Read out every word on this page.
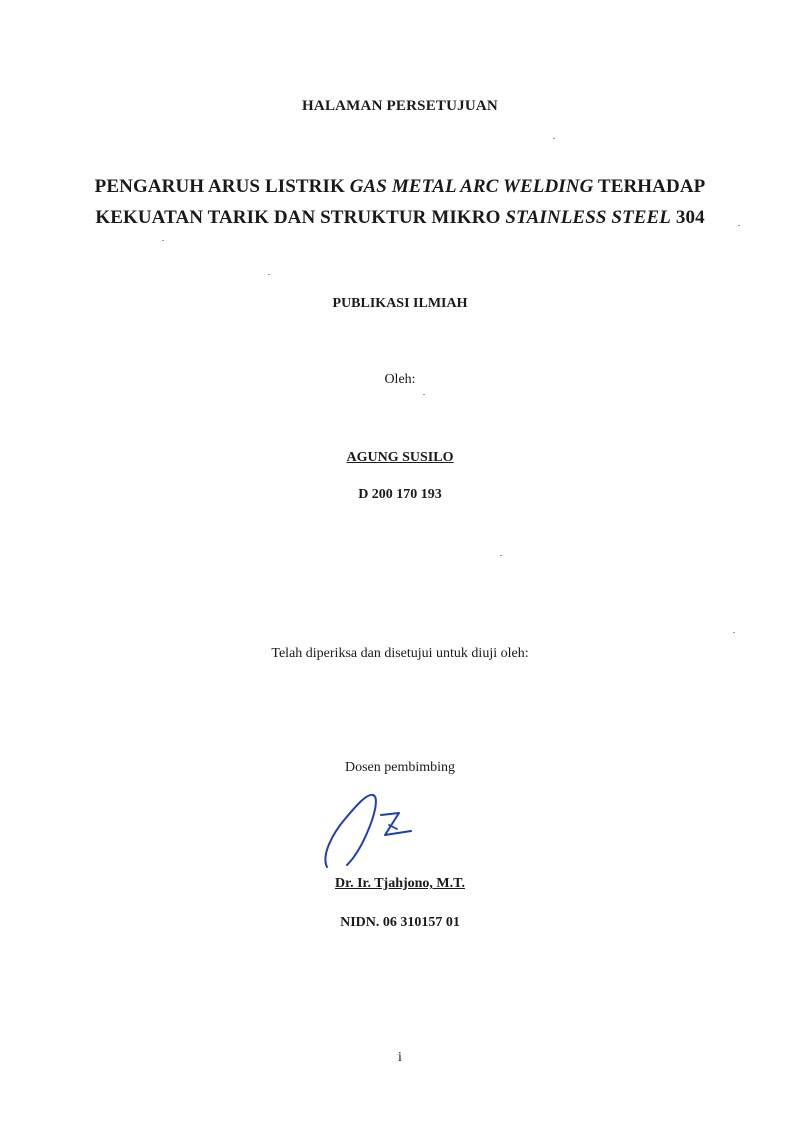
HALAMAN PERSETUJUAN
PENGARUH ARUS LISTRIK GAS METAL ARC WELDING TERHADAP
KEKUATAN TARIK DAN STRUKTUR MIKRO STAINLESS STEEL 304
PUBLIKASI ILMIAH
Oleh:
AGUNG SUSILO
D 200 170 193
Telah diperiksa dan disetujui untuk diuji oleh:
Dosen pembimbing
Dr. Ir. Tjahjono, M.T.
NIDN. 06 310157 01
i
